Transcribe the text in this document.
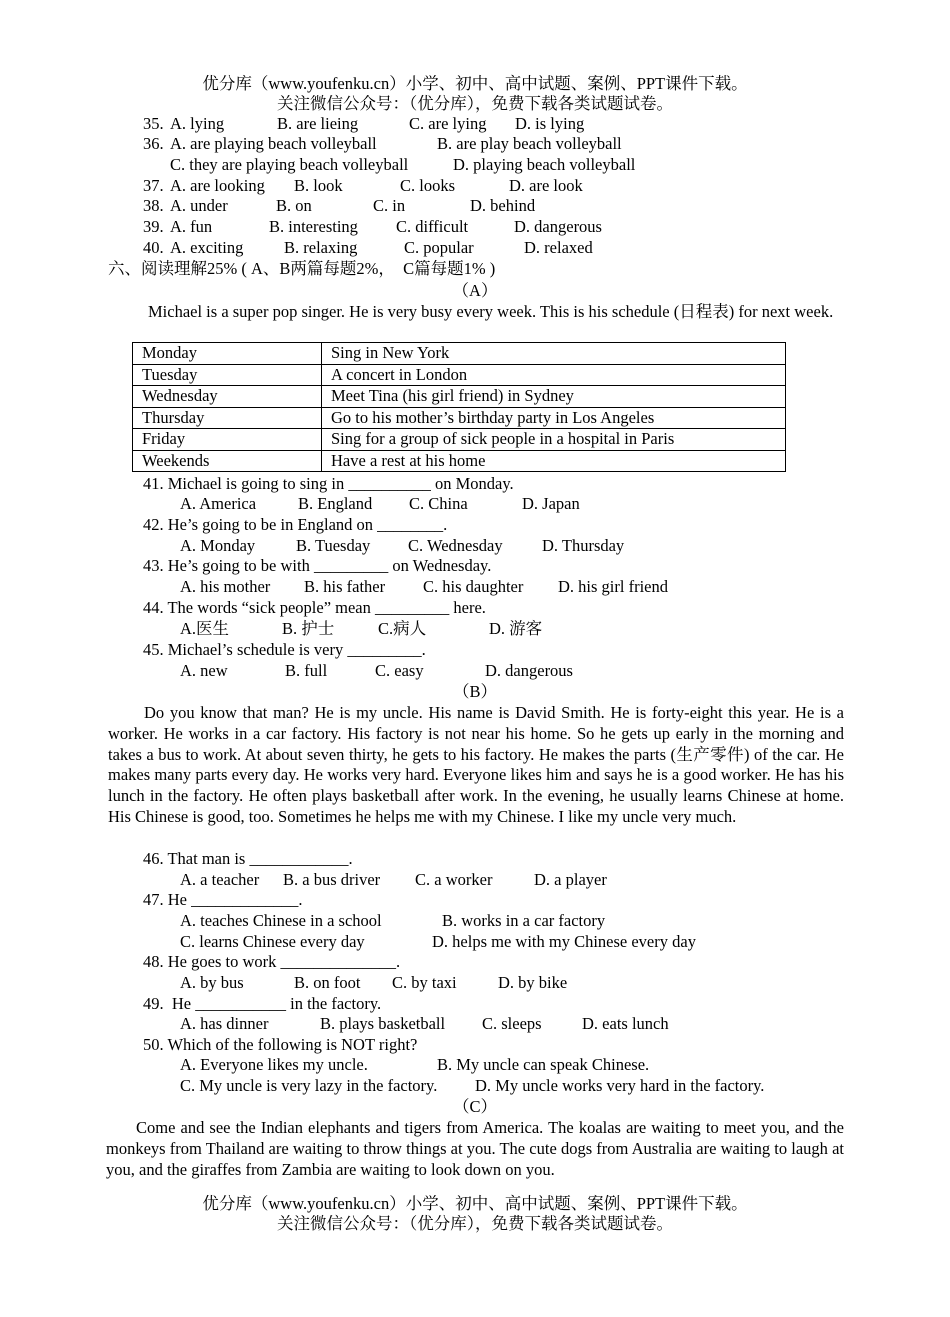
优分库（www.youfenku.cn）小学、初中、高中试题、案例、PPT课件下载。
关注微信公众号：（优分库），免费下载各类试题试卷。
35. A. lying	B. are lieing	C. are lying D. is lying
36. A. are playing beach volleyball	B. are play beach volleyball
C. they are playing beach volleyball	D. playing beach volleyball
37. A. are looking B. look	C. looks	D. are look
38. A. under	B. on	C. in	D. behind
39. A. fun	B. interesting C. difficult	D. dangerous
40. A. exciting B. relaxing	C. popular	D. relaxed
六、阅读理解25% ( A、B两篇每题2%，  C篇每题1% )
（A）
Michael is a super pop singer. He is very busy every week. This is his schedule (日程表) for next week.
Monday	Sing in New York
Tuesday	A concert in London
Wednesday	Meet Tina (his girl friend) in Sydney
Thursday	Go to his mother’s birthday party in Los Angeles
Friday	Sing for a group of sick people in a hospital in Paris
Weekends	Have a rest at his home
41. Michael is going to sing in __________ on Monday.
A. America	B. England C. China	D. Japan
42. He’s going to be in England on ________.
A. Monday B. Tuesday C. Wednesday D. Thursday
43. He’s going to be with _________ on Wednesday.
A. his mother B. his father C. his daughter D. his girl friend
44. The words “sick people” mean _________ here.
A.医生	B. 护士	C.病人	D. 游客
45. Michael’s schedule is very _________.
A. new	B. full	C. easy	D. dangerous
（B）
Do you know that man? He is my uncle. His name is David Smith. He is forty-eight this year. He is a worker. He works in a car factory. His factory is not near his home. So he gets up early in the morning and takes a bus to work. At about seven thirty, he gets to his factory. He makes the parts (生产零件) of the car. He makes many parts every day. He works very hard. Everyone likes him and says he is a good worker. He has his lunch in the factory. He often plays basketball after work. In the evening, he usually learns Chinese at home. His Chinese is good, too. Sometimes he helps me with my Chinese. I like my uncle very much.
46. That man is ____________.
A. a teacher B. a bus driver C. a worker	D. a player
47. He _____________.
A. teaches Chinese in a school	B. works in a car factory
C. learns Chinese every day	D. helps me with my Chinese every day
48. He goes to work ______________.
A. by bus	B. on foot C. by taxi	D. by bike
49.  He ___________ in the factory.
A. has dinner	B. plays basketball C. sleeps D. eats lunch
50. Which of the following is NOT right?
A. Everyone likes my uncle.	B. My uncle can speak Chinese.
C. My uncle is very lazy in the factory. D. My uncle works very hard in the factory.
（C）
Come and see the Indian elephants and tigers from America. The koalas are waiting to meet you, and the monkeys from Thailand are waiting to throw things at you. The cute dogs from Australia are waiting to laugh at you, and the giraffes from Zambia are waiting to look down on you.
优分库（www.youfenku.cn）小学、初中、高中试题、案例、PPT课件下载。
关注微信公众号：（优分库），免费下载各类试题试卷。
